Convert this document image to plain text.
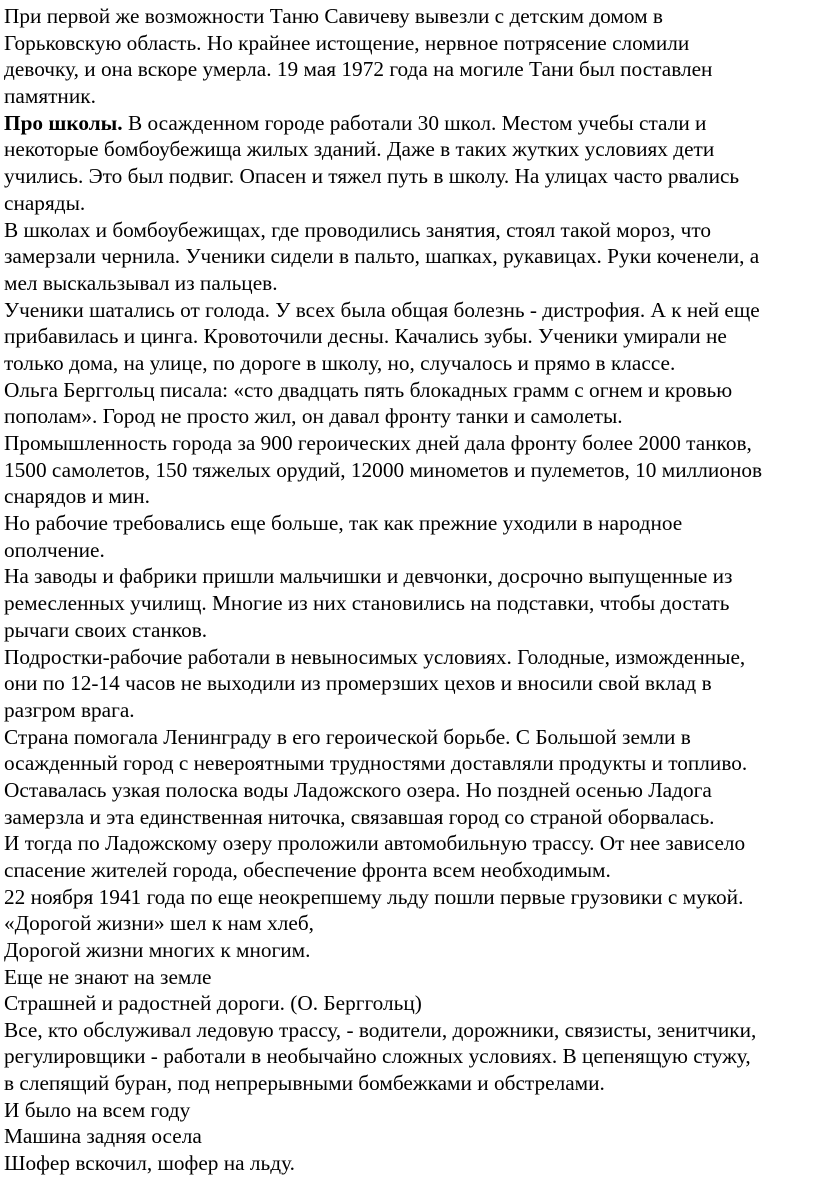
При первой же возможности Таню Савичеву вывезли с детским домом в
Горьковскую область. Но крайнее истощение, нервное потрясение сломили
девочку, и она вскоре умерла. 19 мая 1972 года на могиле Тани был поставлен
памятник.
Про школы. В осажденном городе работали 30 школ. Местом учебы стали и
некоторые бомбоубежища жилых зданий. Даже в таких жутких условиях дети
учились. Это был подвиг. Опасен и тяжел путь в школу. На улицах часто рвались
снаряды.
В школах и бомбоубежищах, где проводились занятия, стоял такой мороз, что
замерзали чернила. Ученики сидели в пальто, шапках, рукавицах. Руки коченели, а
мел выскальзывал из пальцев.
Ученики шатались от голода. У всех была общая болезнь - дистрофия. А к ней еще
прибавилась и цинга. Кровоточили десны. Качались зубы. Ученики умирали не
только дома, на улице, по дороге в школу, но, случалось и прямо в классе.
Ольга Берггольц писала: «сто двадцать пять блокадных грамм с огнем и кровью
пополам». Город не просто жил, он давал фронту танки и самолеты.
Промышленность города за 900 героических дней дала фронту более 2000 танков,
1500 самолетов, 150 тяжелых орудий, 12000 минометов и пулеметов, 10 миллионов
снарядов и мин.
Но рабочие требовались еще больше, так как прежние уходили в народное
ополчение.
На заводы и фабрики пришли мальчишки и девчонки, досрочно выпущенные из
ремесленных училищ. Многие из них становились на подставки, чтобы достать
рычаги своих станков.
Подростки-рабочие работали в невыносимых условиях. Голодные, изможденные,
они по 12-14 часов не выходили из промерзших цехов и вносили свой вклад в
разгром врага.
Страна помогала Ленинграду в его героической борьбе. С Большой земли в
осажденный город с невероятными трудностями доставляли продукты и топливо.
Оставалась узкая полоска воды Ладожского озера. Но поздней осенью Ладога
замерзла и эта единственная ниточка, связавшая город со страной оборвалась.
И тогда по Ладожскому озеру проложили автомобильную трассу. От нее зависело
спасение жителей города, обеспечение фронта всем необходимым.
22 ноября 1941 года по еще неокрепшему льду пошли первые грузовики с мукой.
«Дорогой жизни» шел к нам хлеб,
Дорогой жизни многих к многим.
Еще не знают на земле
Страшней и радостней дороги. (О. Берггольц)
Все, кто обслуживал ледовую трассу, - водители, дорожники, связисты, зенитчики,
регулировщики - работали в необычайно сложных условиях. В цепенящую стужу,
в слепящий буран, под непрерывными бомбежками и обстрелами.
И было на всем году
Машина задняя осела
Шофер вскочил, шофер на льду.
